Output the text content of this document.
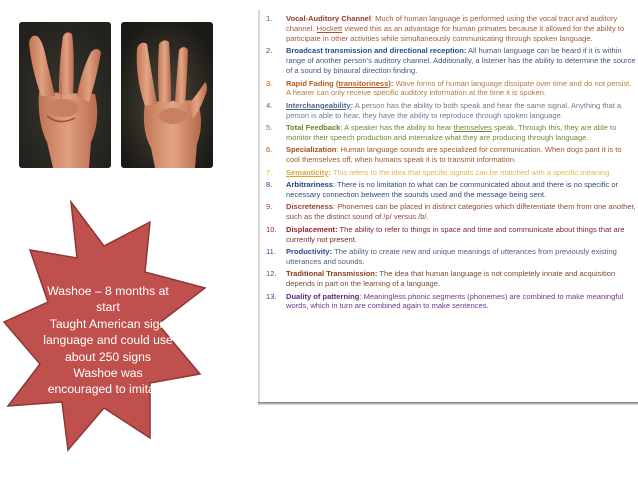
Washoe – 8 months at
start
Taught American sign
language and could use
about 250 signs
Washoe was
encouraged to imitate.
1. Vocal-Auditory Channel: Much of human language is performed using the vocal tract and auditory channel. Hockett viewed this as an advantage for human primates because it allowed for the ability to participate in other activities while simultaneously communicating through spoken language.
2. Broadcast transmission and directional reception: All human language can be heard if it is within range of another person’s auditory channel. Additionally, a listener has the ability to determine the source of a sound by binaural direction finding.
3. Rapid Fading (transitoriness): Wave forms of human language dissipate over time and do not persist. A hearer can only receive specific auditory information at the time it is spoken.
4. Interchangeability: A person has the ability to both speak and hear the same signal. Anything that a person is able to hear, they have the ability to reproduce through spoken language.
5. Total Feedback: A speaker has the ability to hear themselves speak. Through this, they are able to monitor their speech production and internalize what they are producing through language.
6. Specialization: Human language sounds are specialized for communication. When dogs pant it is to cool themselves off, when humans speak it is to transmit information.
7. Semanticity: This refers to the idea that specific signals can be matched with a specific meaning.
8. Arbitrariness: There is no limitation to what can be communicated about and there is no specific or necessary connection between the sounds used and the message being sent.
9. Discreteness: Phonemes can be placed in distinct categories which differentiate them from one another, such as the distinct sound of /p/ versus /b/.
10. Displacement: The ability to refer to things in space and time and communicate about things that are currently not present.
11. Productivity: The ability to create new and unique meanings of utterances from previously existing utterances and sounds.
12. Traditional Transmission: The idea that human language is not completely innate and acquisition depends in part on the learning of a language.
13. Duality of patterning: Meaningless phonic segments (phonemes) are combined to make meaningful words, which in turn are combined again to make sentences.
